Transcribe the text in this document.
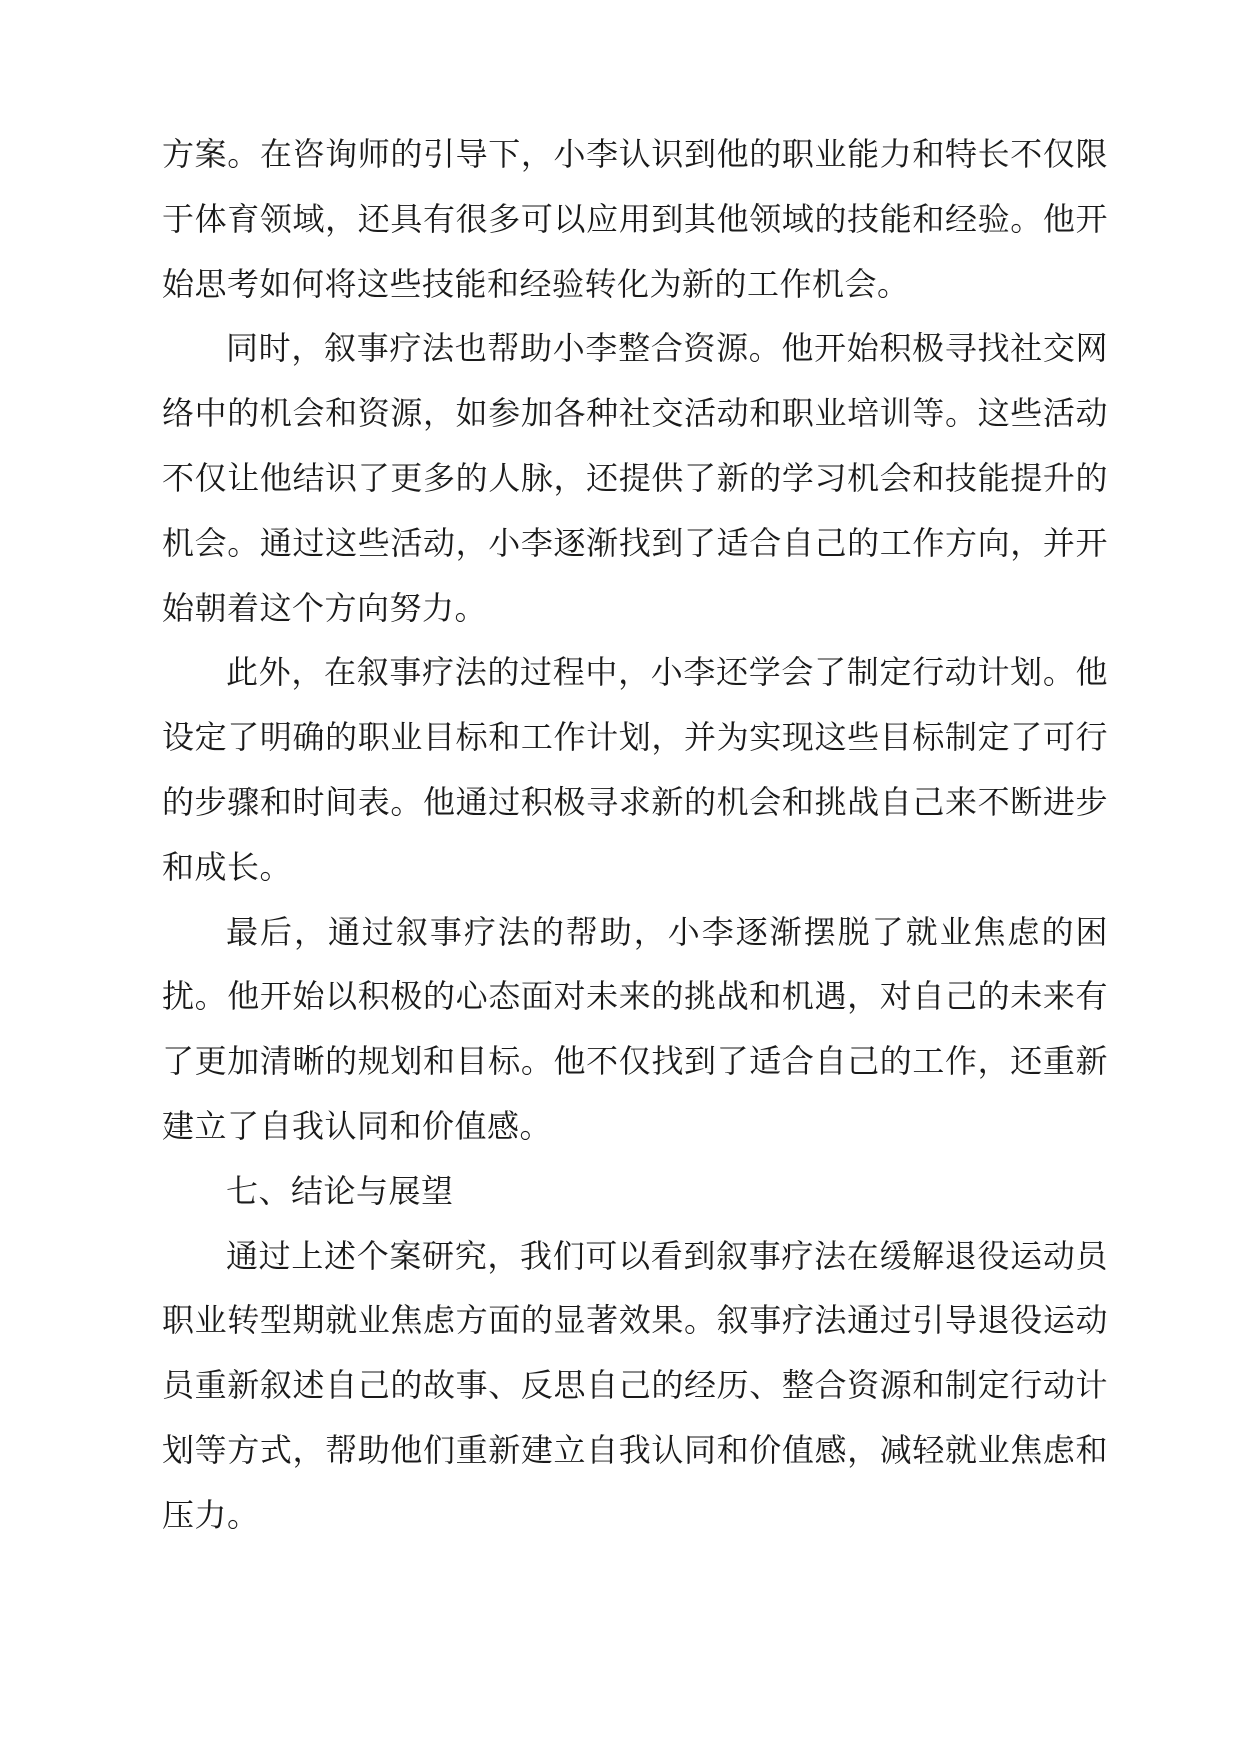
方案。在咨询师的引导下，小李认识到他的职业能力和特长不仅限于体育领域，还具有很多可以应用到其他领域的技能和经验。他开始思考如何将这些技能和经验转化为新的工作机会。

同时，叙事疗法也帮助小李整合资源。他开始积极寻找社交网络中的机会和资源，如参加各种社交活动和职业培训等。这些活动不仅让他结识了更多的人脉，还提供了新的学习机会和技能提升的机会。通过这些活动，小李逐渐找到了适合自己的工作方向，并开始朝着这个方向努力。

此外，在叙事疗法的过程中，小李还学会了制定行动计划。他设定了明确的职业目标和工作计划，并为实现这些目标制定了可行的步骤和时间表。他通过积极寻求新的机会和挑战自己来不断进步和成长。

最后，通过叙事疗法的帮助，小李逐渐摆脱了就业焦虑的困扰。他开始以积极的心态面对未来的挑战和机遇，对自己的未来有了更加清晰的规划和目标。他不仅找到了适合自己的工作，还重新建立了自我认同和价值感。

七、结论与展望

通过上述个案研究，我们可以看到叙事疗法在缓解退役运动员职业转型期就业焦虑方面的显著效果。叙事疗法通过引导退役运动员重新叙述自己的故事、反思自己的经历、整合资源和制定行动计划等方式，帮助他们重新建立自我认同和价值感，减轻就业焦虑和压力。
